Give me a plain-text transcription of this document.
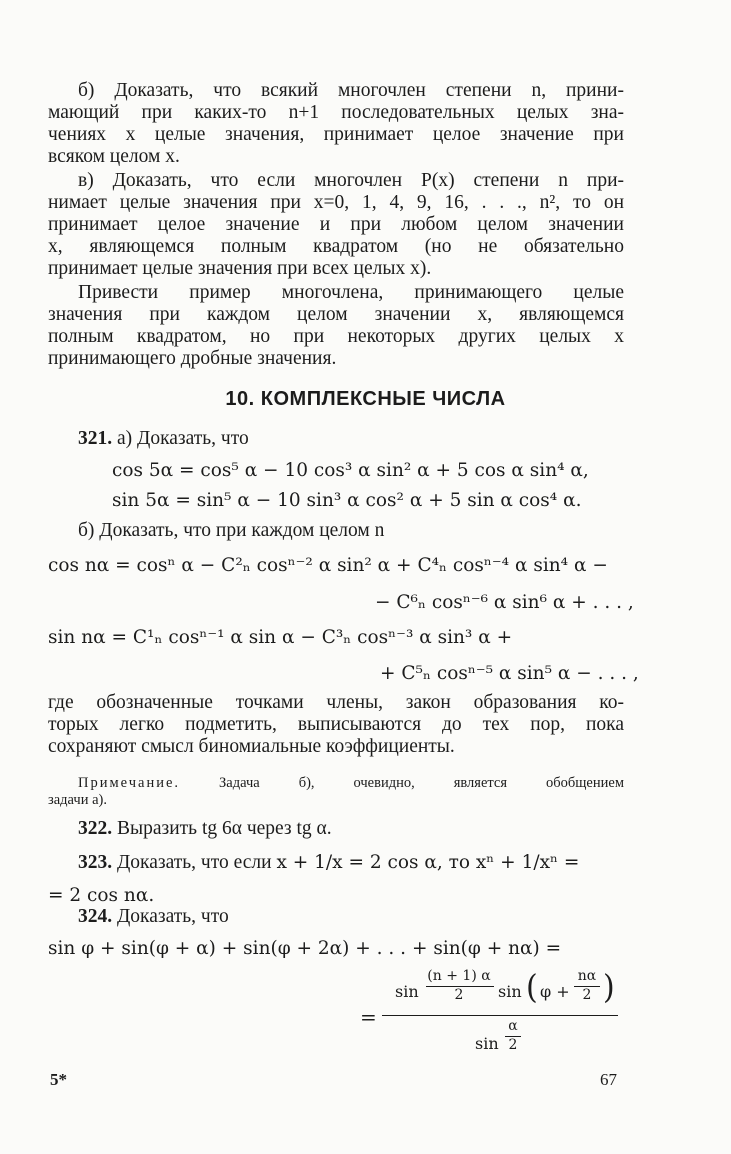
б) Доказать, что всякий многочлен степени n, прини-
мающий при каких-то n+1 последовательных целых зна-
чениях x целые значения, принимает целое значение при
всяком целом x.
в) Доказать, что если многочлен P(x) степени n при-
нимает целые значения при x=0, 1, 4, 9, 16, . . ., n², то он
принимает целое значение и при любом целом значении
x, являющемся полным квадратом (но не обязательно
принимает целые значения при всех целых x).
Привести пример многочлена, принимающего целые
значения при каждом целом значении x, являющемся
полным квадратом, но при некоторых других целых x
принимающего дробные значения.
10. КОМПЛЕКСНЫЕ ЧИСЛА
321. а) Доказать, что
cos 5α = cos⁵ α − 10 cos³ α sin² α + 5 cos α sin⁴ α,
sin 5α = sin⁵ α − 10 sin³ α cos² α + 5 sin α cos⁴ α.
б) Доказать, что при каждом целом n
cos nα = cosⁿ α − C²ₙ cosⁿ⁻² α sin² α + C⁴ₙ cosⁿ⁻⁴ α sin⁴ α −
− C⁶ₙ cosⁿ⁻⁶ α sin⁶ α + . . . ,
sin nα = C¹ₙ cosⁿ⁻¹ α sin α − C³ₙ cosⁿ⁻³ α sin³ α +
+ C⁵ₙ cosⁿ⁻⁵ α sin⁵ α − . . . ,
где обозначенные точками члены, закон образования ко-
торых легко подметить, выписываются до тех пор, пока
сохраняют смысл биномиальные коэффициенты.
Примечание.	Задача б), очевидно, является обобщением
задачи а).
322. Выразить tg 6α через tg α.
323. Доказать, что если x + 1/x = 2 cos α, то xⁿ + 1/xⁿ =
= 2 cos nα.
324. Доказать, что
sin φ + sin(φ + α) + sin(φ + 2α) + . . . + sin(φ + nα) =
=
sin
(n + 1) α
2	sin ( φ +
nα
2 )
sin
α
2
5*	67
